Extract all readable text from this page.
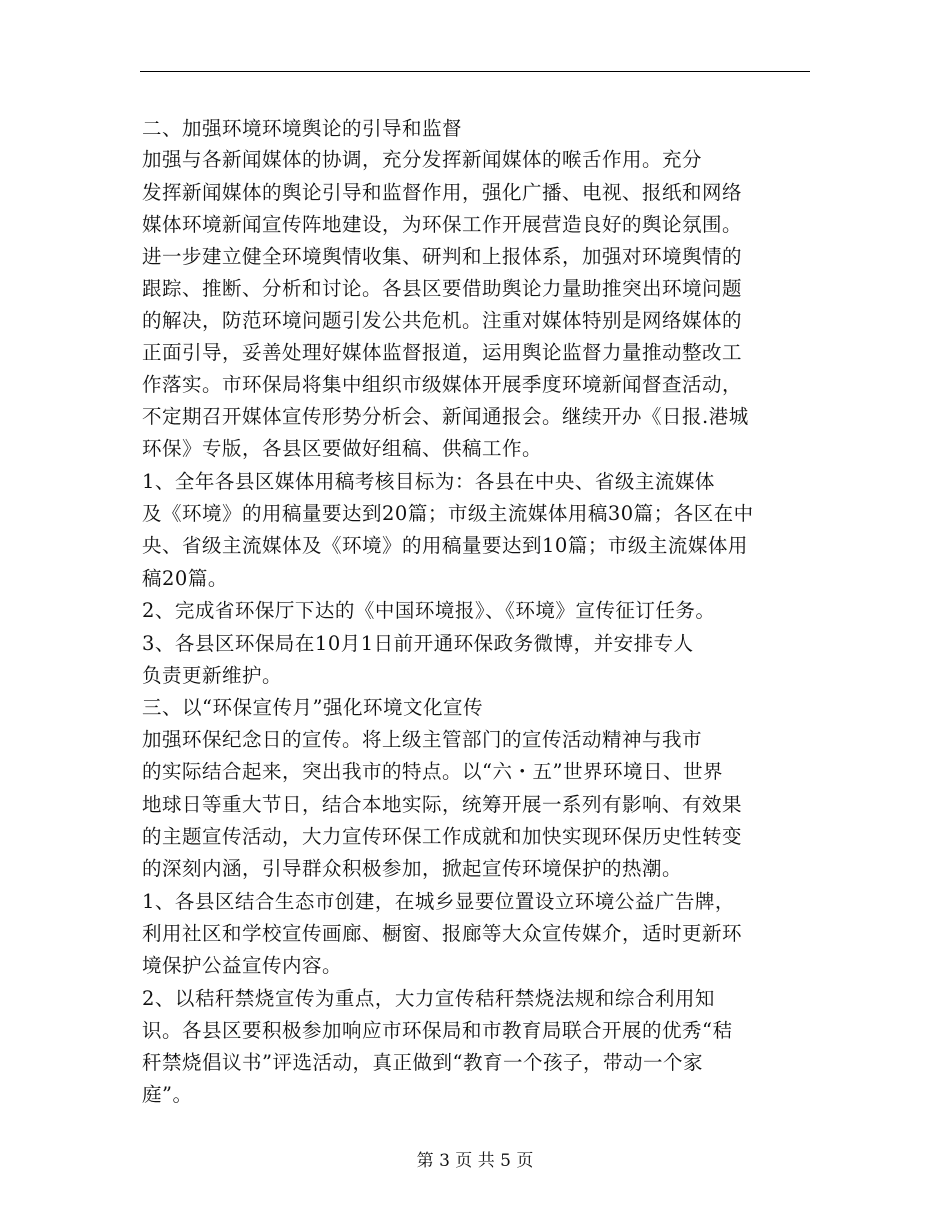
二、加强环境环境舆论的引导和监督
加强与各新闻媒体的协调，充分发挥新闻媒体的喉舌作用。充分
发挥新闻媒体的舆论引导和监督作用，强化广播、电视、报纸和网络
媒体环境新闻宣传阵地建设，为环保工作开展营造良好的舆论氛围。
进一步建立健全环境舆情收集、研判和上报体系，加强对环境舆情的
跟踪、推断、分析和讨论。各县区要借助舆论力量助推突出环境问题
的解决，防范环境问题引发公共危机。注重对媒体特别是网络媒体的
正面引导，妥善处理好媒体监督报道，运用舆论监督力量推动整改工
作落实。市环保局将集中组织市级媒体开展季度环境新闻督查活动，
不定期召开媒体宣传形势分析会、新闻通报会。继续开办《日报.港城
环保》专版，各县区要做好组稿、供稿工作。
1、全年各县区媒体用稿考核目标为：各县在中央、省级主流媒体
及《环境》的用稿量要达到20篇；市级主流媒体用稿30篇；各区在中
央、省级主流媒体及《环境》的用稿量要达到10篇；市级主流媒体用
稿20篇。
2、完成省环保厅下达的《中国环境报》、《环境》宣传征订任务。
3、各县区环保局在10月1日前开通环保政务微博，并安排专人
负责更新维护。
三、以“环保宣传月”强化环境文化宣传
加强环保纪念日的宣传。将上级主管部门的宣传活动精神与我市
的实际结合起来，突出我市的特点。以“六・五”世界环境日、世界
地球日等重大节日，结合本地实际，统筹开展一系列有影响、有效果
的主题宣传活动，大力宣传环保工作成就和加快实现环保历史性转变
的深刻内涵，引导群众积极参加，掀起宣传环境保护的热潮。
1、各县区结合生态市创建，在城乡显要位置设立环境公益广告牌，
利用社区和学校宣传画廊、橱窗、报廊等大众宣传媒介，适时更新环
境保护公益宣传内容。
2、以秸秆禁烧宣传为重点，大力宣传秸秆禁烧法规和综合利用知
识。各县区要积极参加响应市环保局和市教育局联合开展的优秀“秸
秆禁烧倡议书”评选活动，真正做到“教育一个孩子，带动一个家
庭”。
第 3 页 共 5 页
